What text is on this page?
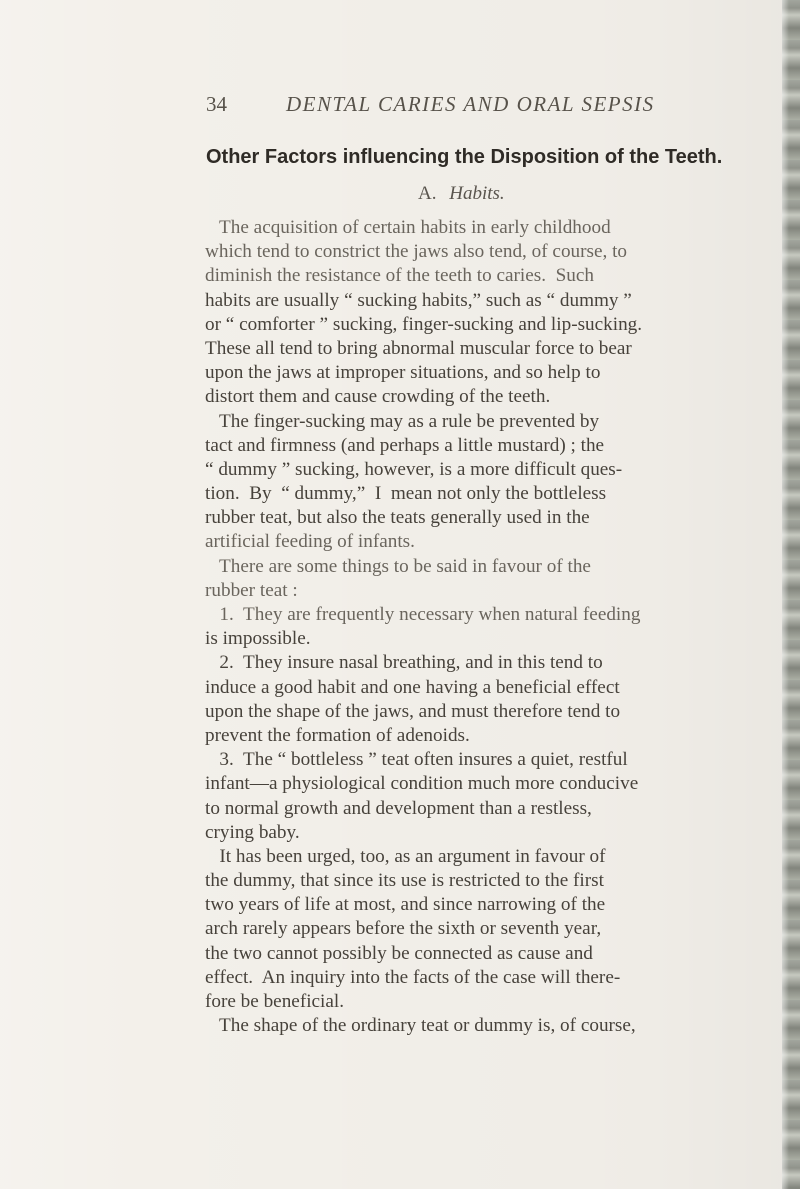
34	DENTAL CARIES AND ORAL SEPSIS
Other Factors influencing the Disposition of the Teeth.
A. Habits.
The acquisition of certain habits in early childhood
which tend to constrict the jaws also tend, of course, to
diminish the resistance of the teeth to caries.  Such
habits are usually “ sucking habits,” such as “ dummy ”
or “ comforter ” sucking, finger-sucking and lip-sucking.
These all tend to bring abnormal muscular force to bear
upon the jaws at improper situations, and so help to
distort them and cause crowding of the teeth.
The finger-sucking may as a rule be prevented by
tact and firmness (and perhaps a little mustard) ; the
“ dummy ” sucking, however, is a more difficult ques-
tion.  By  “ dummy,”  I  mean not only the bottleless
rubber teat, but also the teats generally used in the
artificial feeding of infants.
There are some things to be said in favour of the
rubber teat :
1.  They are frequently necessary when natural feeding
is impossible.
2.  They insure nasal breathing, and in this tend to
induce a good habit and one having a beneficial effect
upon the shape of the jaws, and must therefore tend to
prevent the formation of adenoids.
3.  The “ bottleless ” teat often insures a quiet, restful
infant—a physiological condition much more conducive
to normal growth and development than a restless,
crying baby.
It has been urged, too, as an argument in favour of
the dummy, that since its use is restricted to the first
two years of life at most, and since narrowing of the
arch rarely appears before the sixth or seventh year,
the two cannot possibly be connected as cause and
effect.  An inquiry into the facts of the case will there-
fore be beneficial.
The shape of the ordinary teat or dummy is, of course,
